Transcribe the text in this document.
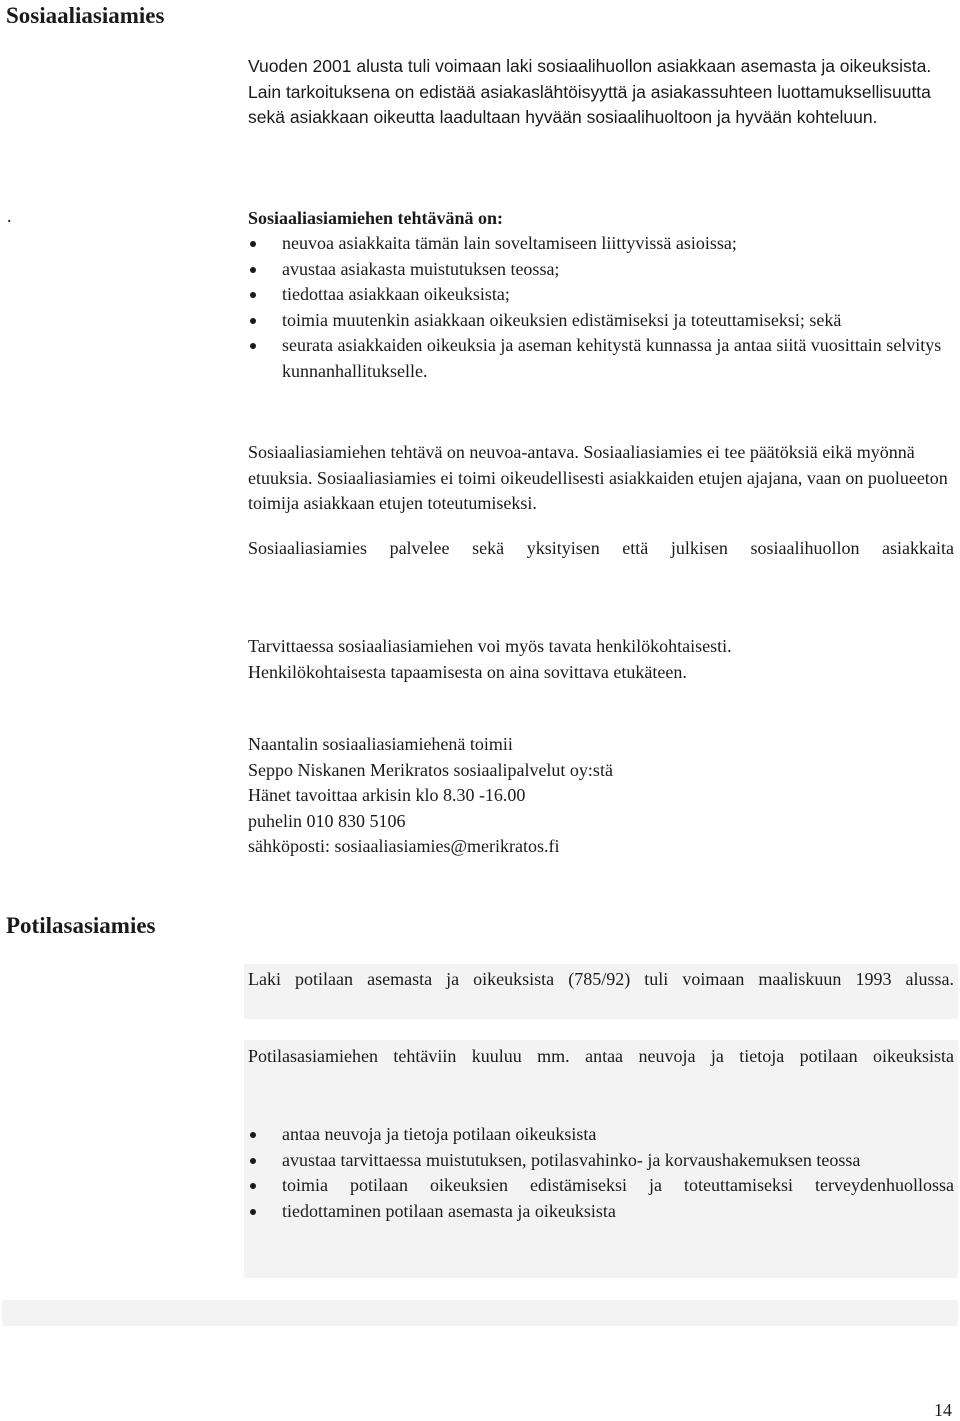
Sosiaaliasiamies

Vuoden 2001 alusta tuli voimaan laki sosiaalihuollon asiakkaan asemasta ja oikeuksista. Lain tarkoituksena on edistää asiakaslähtöisyyttä ja asiakassuhteen luottamuksellisuutta sekä asiakkaan oikeutta laadultaan hyvään sosiaalihuoltoon ja hyvään kohteluun.

.	Sosiaaliasiamiehen tehtävänä on:

neuvoa asiakkaita tämän lain soveltamiseen liittyvissä asioissa;
avustaa asiakasta muistutuksen teossa;
tiedottaa asiakkaan oikeuksista;
toimia muutenkin asiakkaan oikeuksien edistämiseksi ja toteuttamiseksi; sekä
seurata asiakkaiden oikeuksia ja aseman kehitystä kunnassa ja antaa siitä vuosittain selvitys kunnanhallitukselle.

Sosiaaliasiamiehen tehtävä on neuvoa-antava. Sosiaaliasiamies ei tee päätöksiä eikä myönnä etuuksia. Sosiaaliasiamies ei toimi oikeudellisesti asiakkaiden etujen ajajana, vaan on puolueeton toimija asiakkaan etujen toteutumiseksi.

Sosiaaliasiamies palvelee sekä yksityisen että julkisen sosiaalihuollon asiakkaita

Tarvittaessa sosiaaliasiamiehen voi myös tavata henkilökohtaisesti.
Henkilökohtaisesta tapaamisesta on aina sovittava etukäteen.
Naantalin sosiaaliasiamiehenä toimii
Seppo Niskanen Merikratos sosiaalipalvelut oy:stä
Hänet tavoittaa arkisin klo 8.30 -16.00
puhelin 010 830 5106
sähköposti: sosiaaliasiamies@merikratos.fi
Potilasasiamies

Laki potilaan asemasta ja oikeuksista (785/92) tuli voimaan maaliskuun 1993 alussa.

Potilasasiamiehen tehtäviin kuuluu mm. antaa neuvoja ja tietoja potilaan oikeuksista

antaa neuvoja ja tietoja potilaan oikeuksista
avustaa tarvittaessa muistutuksen, potilasvahinko- ja korvaushakemuksen teossa
toimia potilaan oikeuksien edistämiseksi ja toteuttamiseksi terveydenhuollossa
tiedottaminen potilaan asemasta ja oikeuksista
14
